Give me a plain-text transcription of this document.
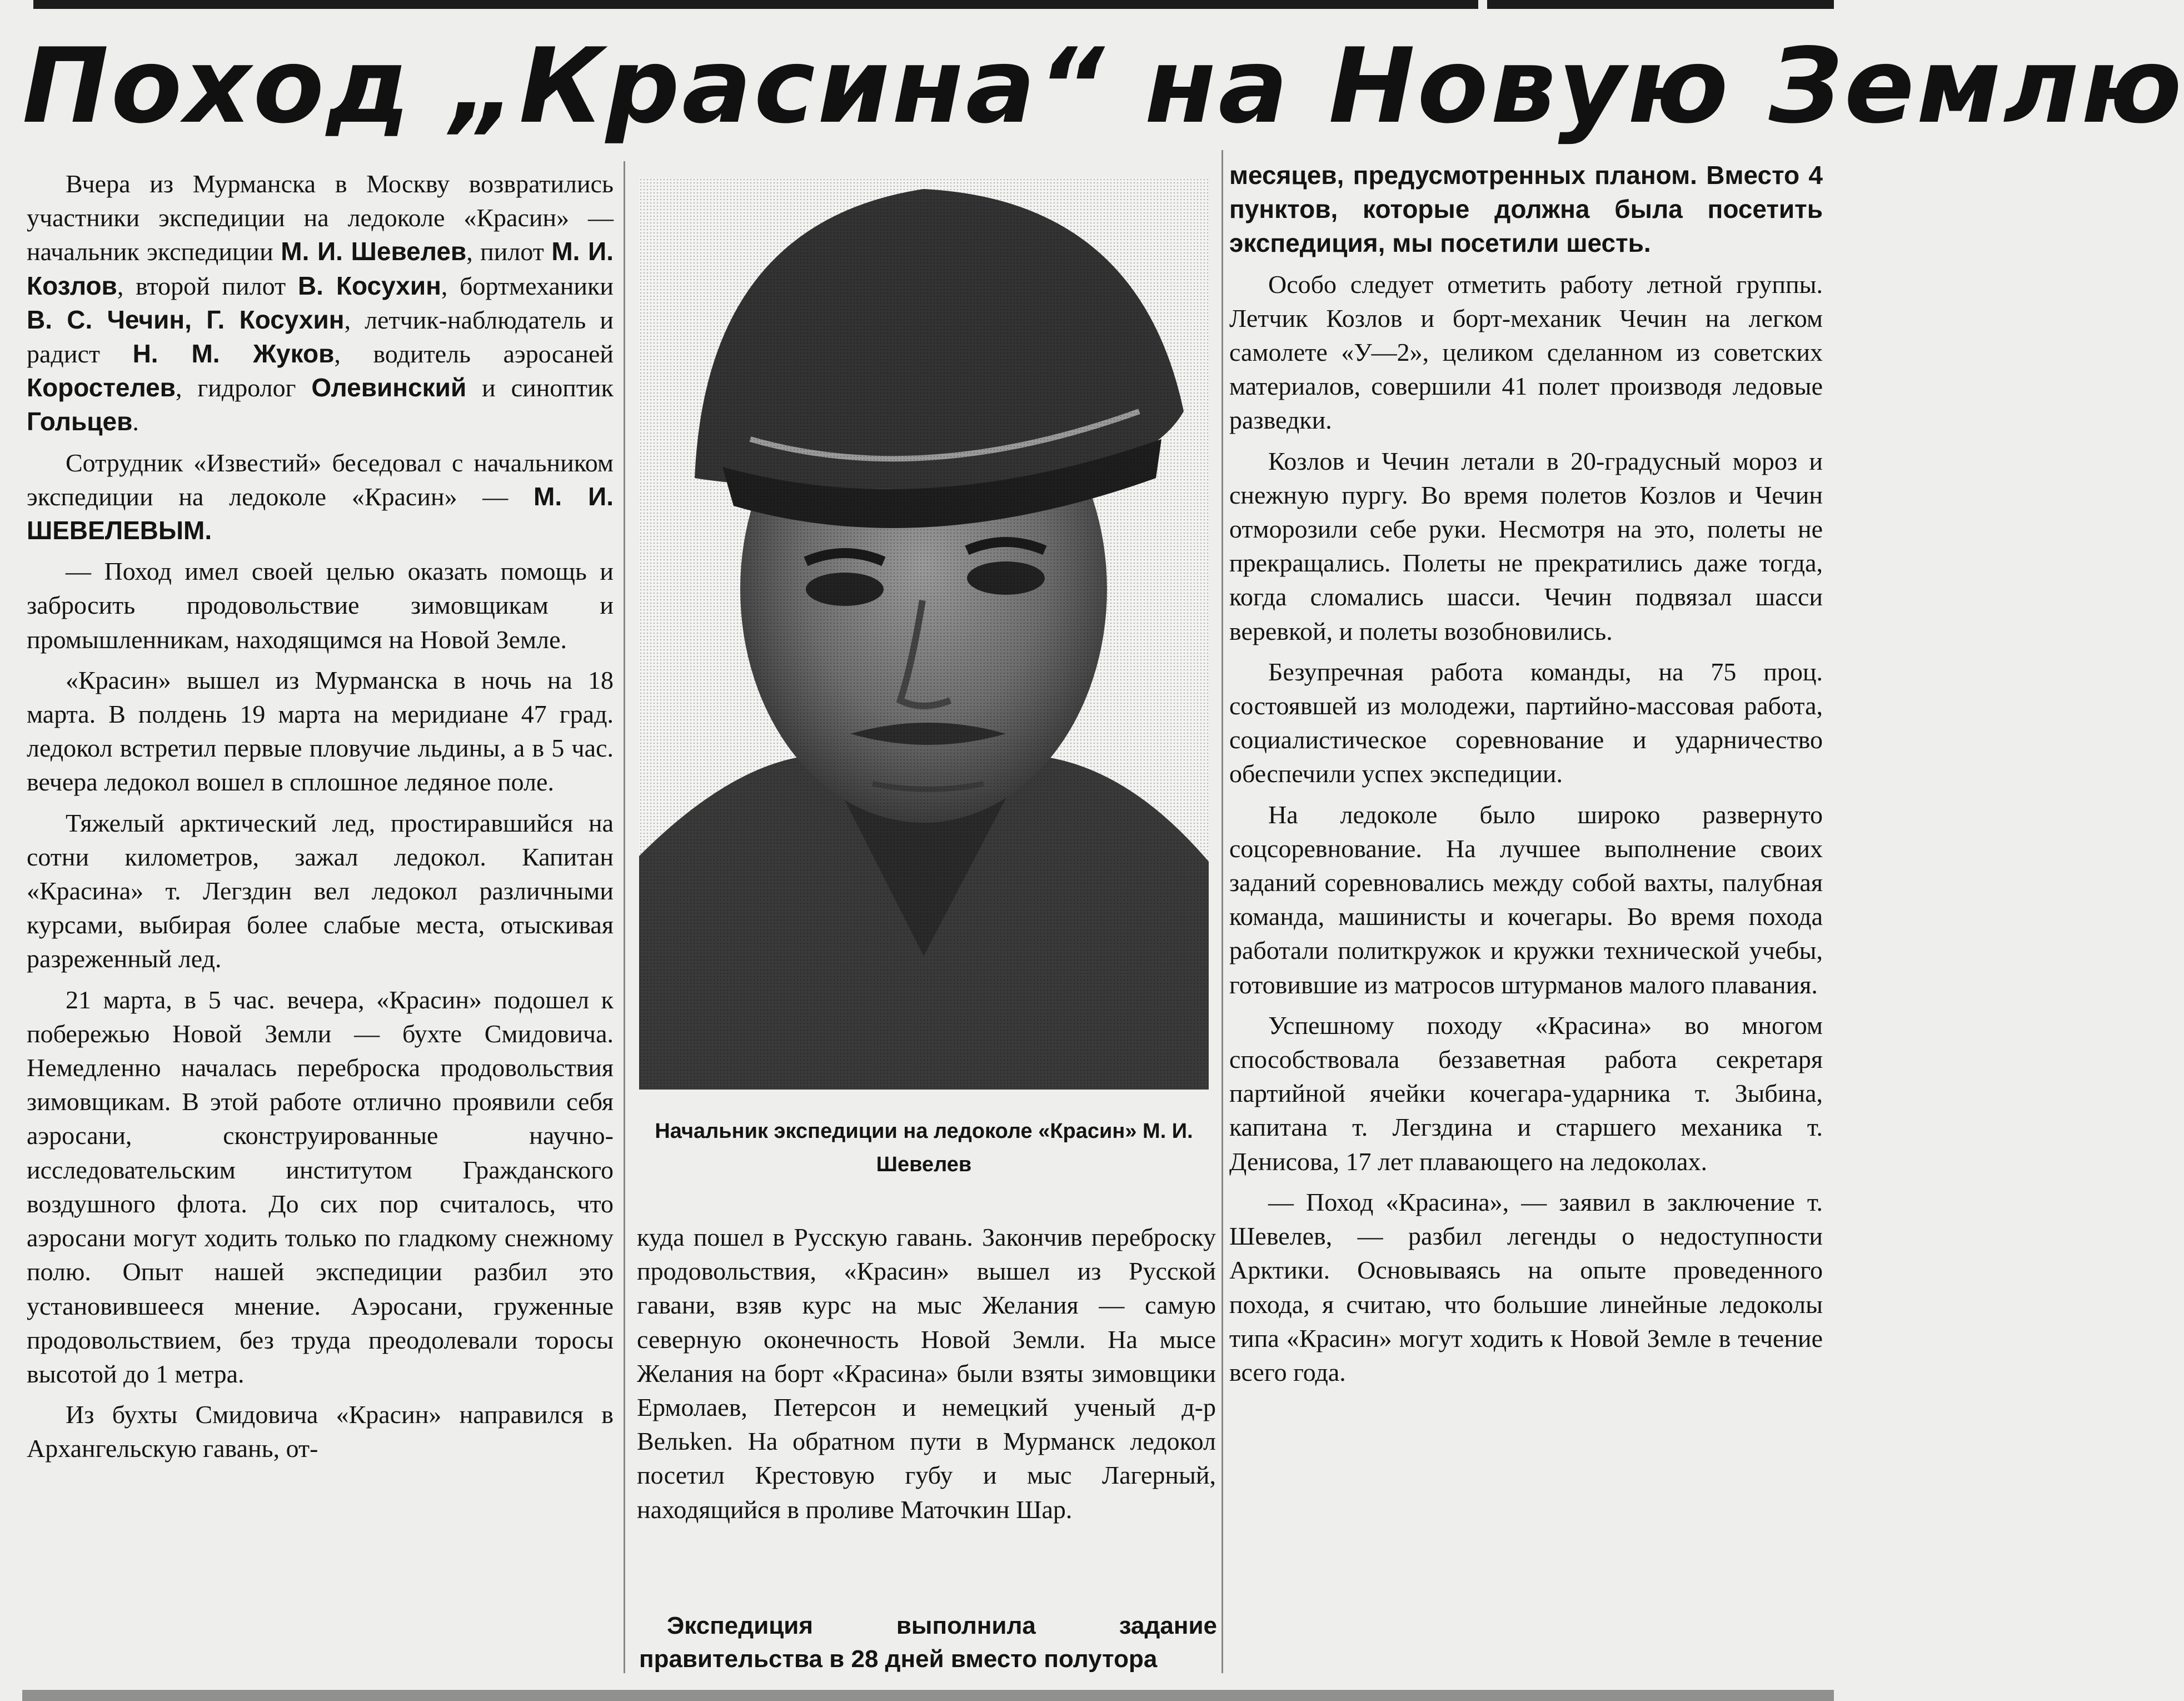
Поход „Красина“ на Новую Землю

Вчера из Мурманска в Москву возвратились участники экспедиции на ледоколе «Красин» — начальник экспедиции М. И. Шевелев, пилот М. И. Козлов, второй пилот В. Косухин, бортмеханики В. С. Чечин, Г. Косухин, летчик-наблюдатель и радист Н. М. Жуков, водитель аэросаней Коростелев, гидролог Олевинский и синоптик Гольцев.

Сотрудник «Известий» беседовал с начальником экспедиции на ледоколе «Красин» — М. И. ШЕВЕЛЕВЫМ.

— Поход имел своей целью оказать помощь и забросить продовольствие зимовщикам и промышленникам, находящимся на Новой Земле.

«Красин» вышел из Мурманска в ночь на 18 марта. В полдень 19 марта на меридиане 47 град. ледокол встретил первые пловучие льдины, а в 5 час. вечера ледокол вошел в сплошное ледяное поле.

Тяжелый арктический лед, простиравшийся на сотни километров, зажал ледокол. Капитан «Красина» т. Легздин вел ледокол различными курсами, выбирая более слабые места, отыскивая разреженный лед.

21 марта, в 5 час. вечера, «Красин» подошел к побережью Новой Земли — бухте Смидовича. Немедленно началась переброска продовольствия зимовщикам. В этой работе отлично проявили себя аэросани, сконструированные научно-исследовательским институтом Гражданского воздушного флота. До сих пор считалось, что аэросани могут ходить только по гладкому снежному полю. Опыт нашей экспедиции разбил это установившееся мнение. Аэросани, груженные продовольствием, без труда преодолевали торосы высотой до 1 метра.

Из бухты Смидовича «Красин» направился в Архангельскую гавань, от-

Начальник экспедиции на ледоколе «Красин» М. И. Шевелев

куда пошел в Русскую гавань. Закончив переброску продовольствия, «Красин» вышел из Русской гавани, взяв курс на мыс Желания — самую северную оконечность Новой Земли. На мысе Желания на борт «Красина» были взяты зимовщики Ермолаев, Петерсон и немецкий ученый д-р Вельken. На обратном пути в Мурманск ледокол посетил Крестовую губу и мыс Лагерный, находящийся в проливе Маточкин Шар.

Экспедиция выполнила задание правительства в 28 дней вместо полутора

месяцев, предусмотренных планом. Вместо 4 пунктов, которые должна была посетить экспедиция, мы посетили шесть.

Особо следует отметить работу летной группы. Летчик Козлов и борт-механик Чечин на легком самолете «У—2», целиком сделанном из советских материалов, совершили 41 полет производя ледовые разведки.

Козлов и Чечин летали в 20-градусный мороз и снежную пургу. Во время полетов Козлов и Чечин отморозили себе руки. Несмотря на это, полеты не прекращались. Полеты не прекратились даже тогда, когда сломались шасси. Чечин подвязал шасси веревкой, и полеты возобновились.

Безупречная работа команды, на 75 проц. состоявшей из молодежи, партийно-массовая работа, социалистическое соревнование и ударничество обеспечили успех экспедиции.

На ледоколе было широко развернуто соцсоревнование. На лучшее выполнение своих заданий соревновались между собой вахты, палубная команда, машинисты и кочегары. Во время похода работали политкружок и кружки технической учебы, готовившие из матросов штурманов малого плавания.

Успешному походу «Красина» во многом способствовала беззаветная работа секретаря партийной ячейки кочегара-ударника т. Зыбина, капитана т. Легздина и старшего механика т. Денисова, 17 лет плавающего на ледоколах.

— Поход «Красина», — заявил в заключение т. Шевелев, — разбил легенды о недоступности Арктики. Основываясь на опыте проведенного похода, я считаю, что большие линейные ледоколы типа «Красин» могут ходить к Новой Земле в течение всего года.
